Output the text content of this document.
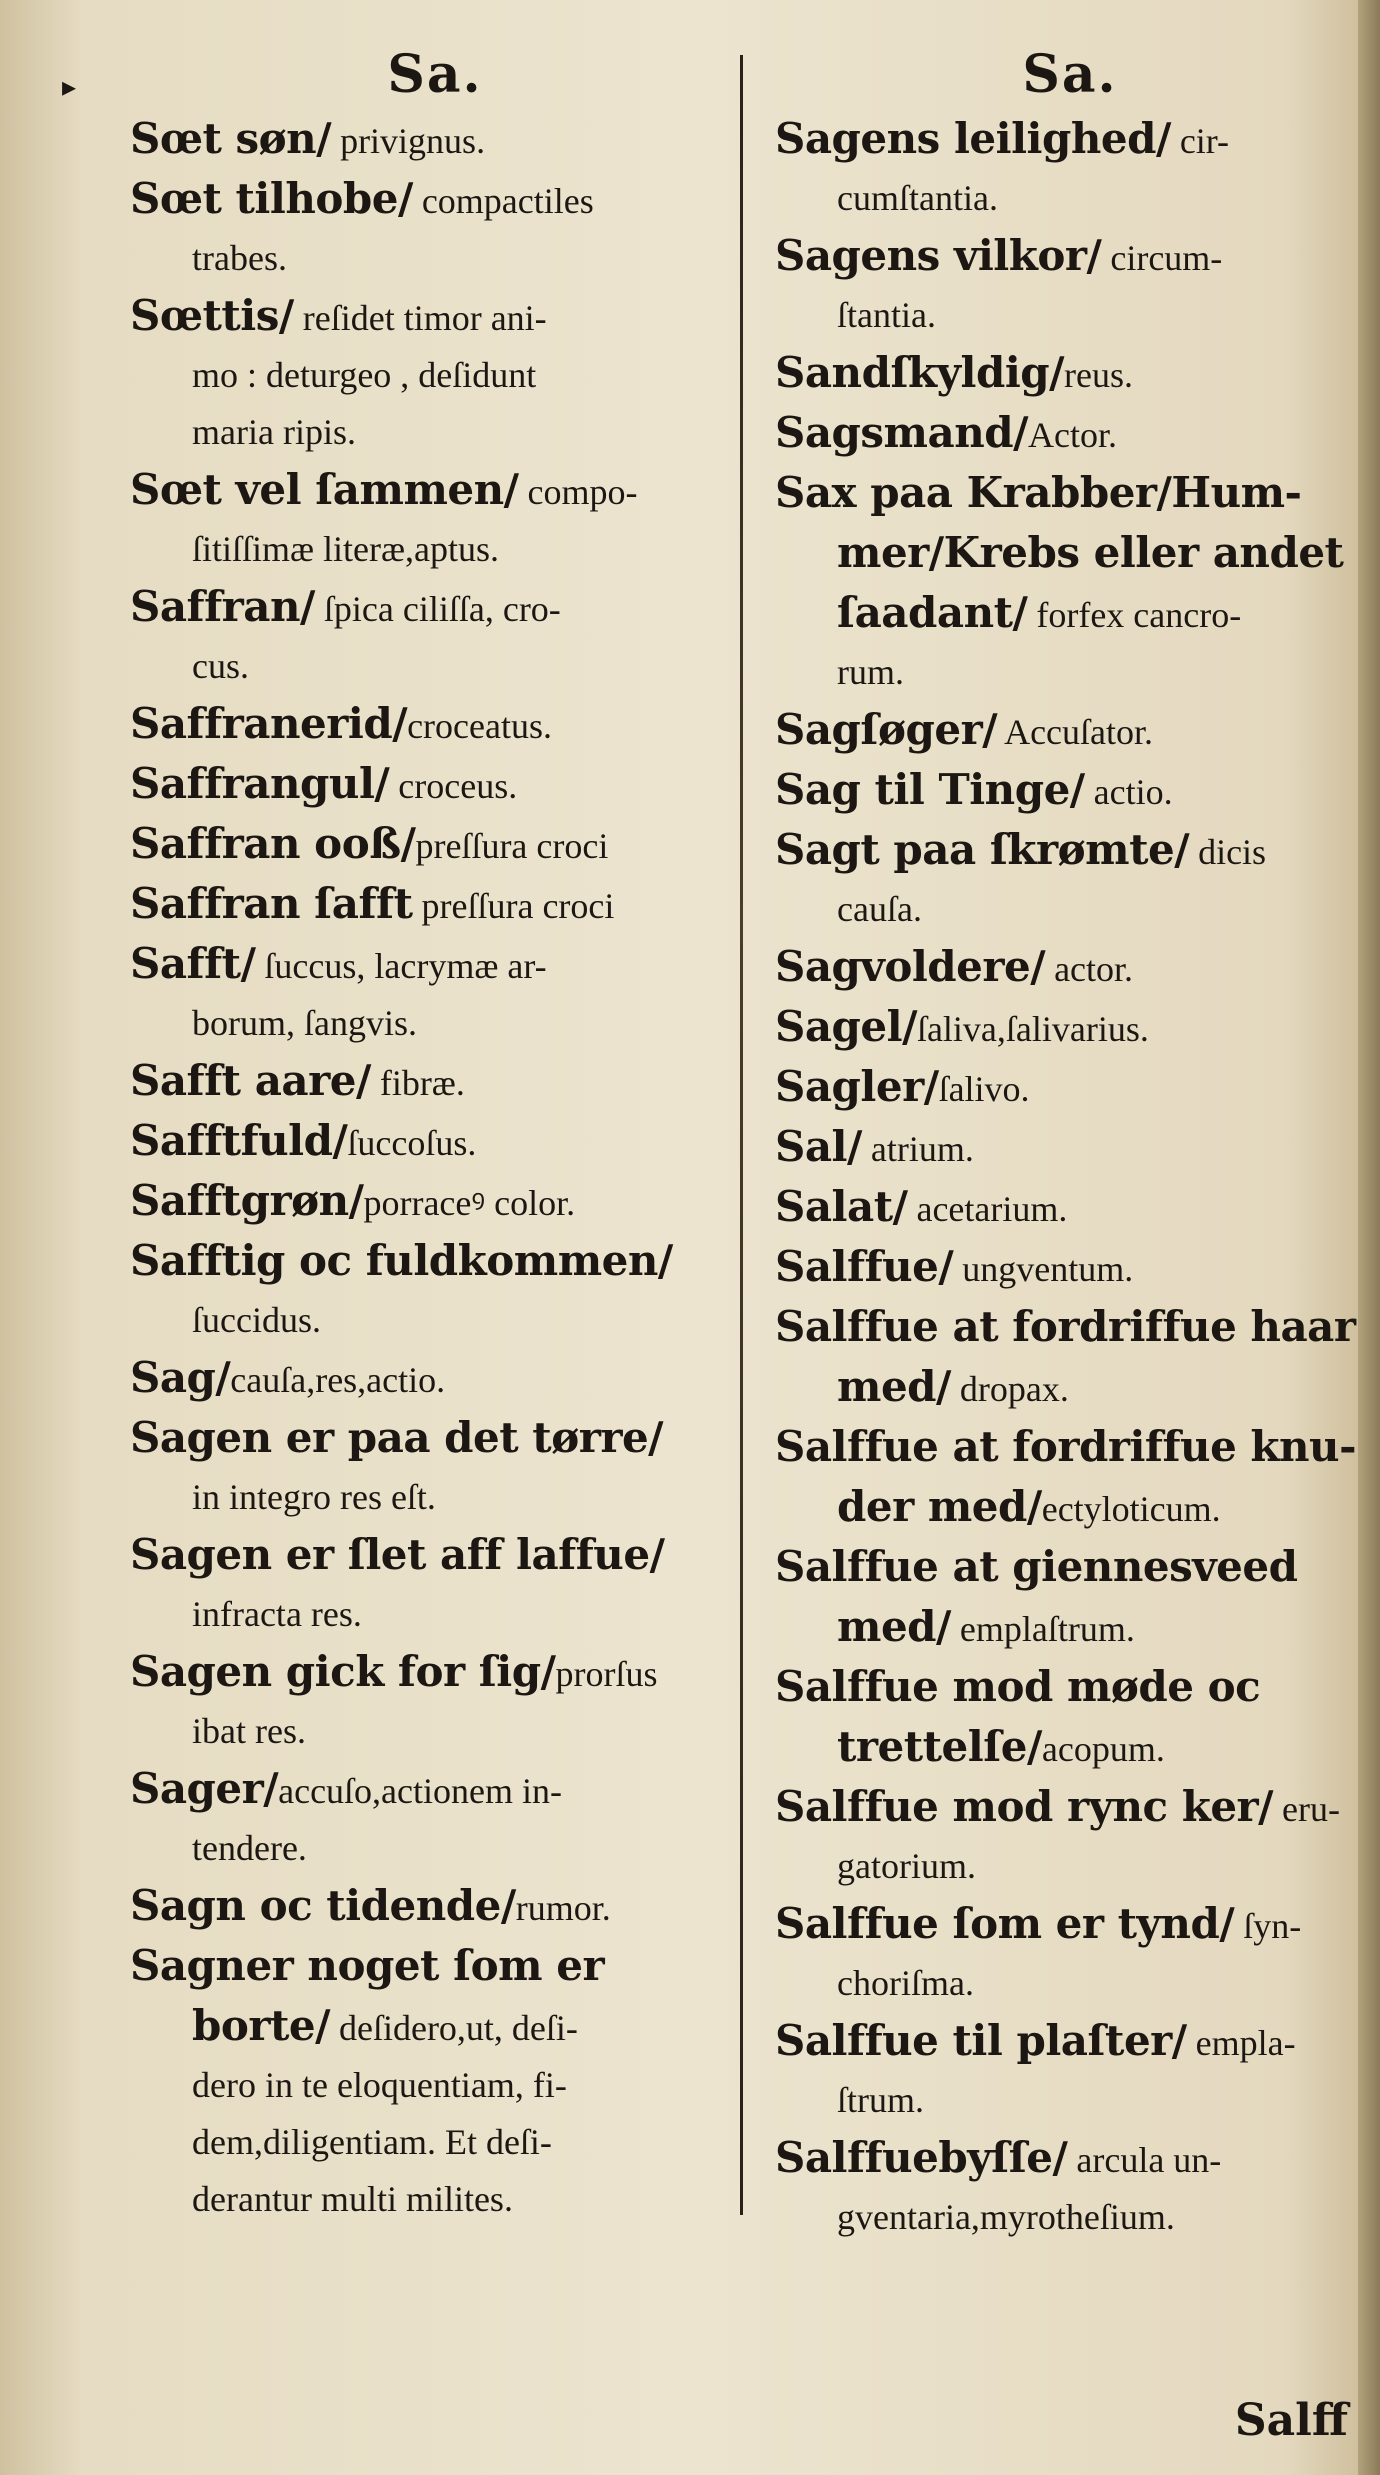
▸	Sa.
Sœt søn/ privignus.
Sœt tilhobe/ compactiles
trabes.
Sœttis/ reſidet timor ani-
mo : deturgeo , deſidunt
maria ripis.
Sœt vel ſammen/ compo-
ſitiſſimæ literæ,aptus.
Saffran/ ſpica ciliſſa, cro-
cus.
Saffranerid/croceatus.
Saffrangul/ croceus.
Saffran ooß/preſſura croci
Saffran ſafft preſſura croci
Safft/ ſuccus, lacrymæ ar-
borum, ſangvis.
Safft aare/ fibræ.
Safftfuld/ſuccoſus.
Safftgrøn/porraceꝰ color.
Safftig oc fuldkommen/
ſuccidus.
Sag/cauſa,res,actio.
Sagen er paa det tørre/
in integro res eſt.
Sagen er ſlet aff laffue/
infracta res.
Sagen gick for ſig/prorſus
ibat res.
Sager/accuſo,actionem in-
tendere.
Sagn oc tidende/rumor.
Sagner noget ſom er
borte/ deſidero,ut, deſi-
dero in te eloquentiam, fi-
dem,diligentiam. Et deſi-
derantur multi milites.
Sa.
Sagens leilighed/ cir-
cumſtantia.
Sagens vilkor/ circum-
ſtantia.
Sandſkyldig/reus.
Sagsmand/Actor.
Sax paa Krabber/Hum-
mer/Krebs eller andet
ſaadant/ forfex cancro-
rum.
Sagſøger/ Accuſator.
Sag til Tinge/ actio.
Sagt paa ſkrømte/ dicis
cauſa.
Sagvoldere/ actor.
Sagel/ſaliva,ſalivarius.
Sagler/ſalivo.
Sal/ atrium.
Salat/ acetarium.
Salffue/ ungventum.
Salffue at fordriffue haar
med/ dropax.
Salffue at fordriffue knu-
der med/ectyloticum.
Salffue at giennesveed
med/ emplaſtrum.
Salffue mod møde oc
trettelſe/acopum.
Salffue mod rync ker/ eru-
gatorium.
Salffue ſom er tynd/ ſyn-
choriſma.
Salffue til plaſter/ empla-
ſtrum.
Salffuebyſſe/ arcula un-
gventaria,myrotheſium.
Salff
